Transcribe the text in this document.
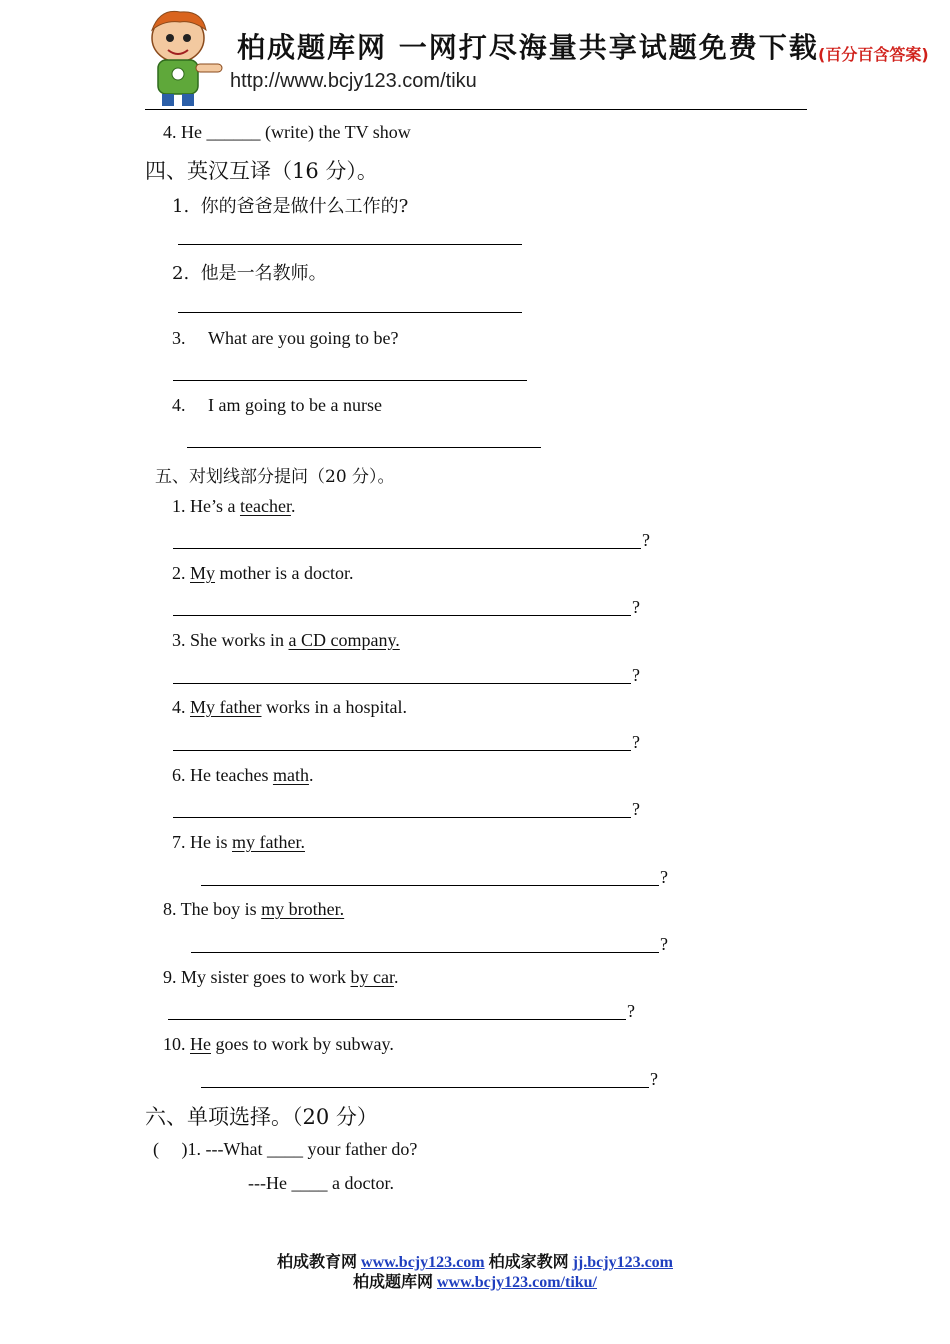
柏成题库网 一网打尽海量共享试题免费下载 (百分百含答案)
http://www.bcjy123.com/tiku
4. He ______ (write) the TV show
四、英汉互译（16 分）。
1. 你的爸爸是做什么工作的?
2. 他是一名教师。
3. What are you going to be?
4. I am going to be a nurse
五、对划线部分提问（20 分）。
1. He’s a teacher.
?
2. My mother is a doctor.
?
3. She works in a CD company.
?
4. My father works in a hospital.
?
6. He teaches math.
?
7. He is my father.
?
8. The boy is my brother.
?
9. My sister goes to work by car.
?
10. He goes to work by subway.
?
六、单项选择。（20 分）
(     )1. ---What ____ your father do?
---He ____ a doctor.
柏成教育网 www.bcjy123.com 柏成家教网 jj.bcjy123.com
柏成题库网 www.bcjy123.com/tiku/
